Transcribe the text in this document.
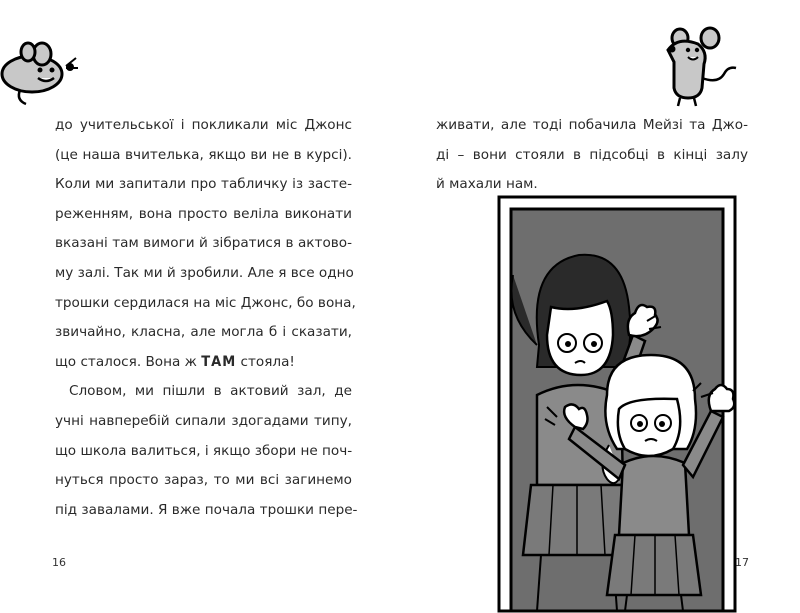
до учительської і покликали міс Джонс
(це наша вчителька, якщо ви не в курсі).
Коли ми запитали про табличку із засте-
реженням, вона просто веліла виконати
вказані там вимоги й зібратися в актово-
му залі. Так ми й зробили. Але я все одно
трошки сердилася на міс Джонс, бо вона,
звичайно, класна, але могла б і сказати,
що сталося. Вона ж ТАМ стояла!
Словом, ми пішли в актовий зал, де
учні навперебій сипали здогадами типу,
що школа валиться, і якщо збори не поч-
нуться просто зараз, то ми всі загинемо
під завалами. Я вже почала трошки пере-
16
живати, але тоді побачила Мейзі та Джо-
ді – вони стояли в підсобці в кінці залу
й махали нам.
17
